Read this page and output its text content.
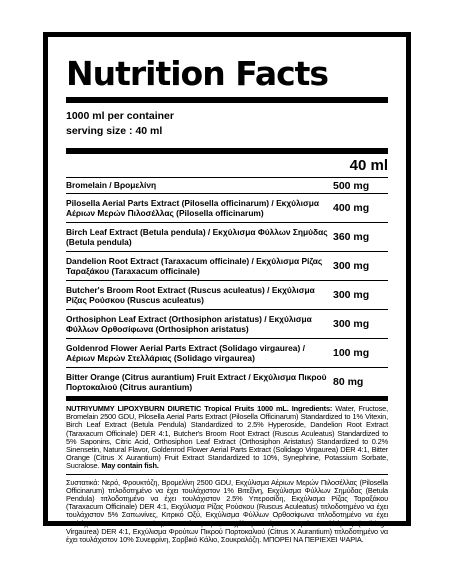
Nutrition Facts
1000 ml per container
serving size : 40 ml
40 ml
Bromelain / Βρομελίνη	500 mg
Pilosella Aerial Parts Extract (Pilosella officinarum) / Εκχύλισμα Αέριων Μερών Πιλοσέλλας (Pilosella officinarum)	400 mg
Birch Leaf Extract (Betula pendula) / Εκχύλισμα Φύλλων Σημύδας (Betula pendula)	360 mg
Dandelion Root Extract (Taraxacum officinale) / Εκχύλισμα Ρίζας Ταραξάκου (Taraxacum officinale)	300 mg
Butcher's Broom Root Extract (Ruscus aculeatus) / Εκχύλισμα Ρίζας Ρούσκου (Ruscus aculeatus)	300 mg
Orthosiphon Leaf Extract (Orthosiphon aristatus) / Εκχύλισμα Φύλλων Ορθοσίφωνα (Orthosiphon aristatus)	300 mg
Goldenrod Flower Aerial Parts Extract (Solidago virgaurea) / Αέριων Μερών Στελλάριας (Solidago virgaurea)	100 mg
Bitter Orange (Citrus aurantium) Fruit Extract / Εκχύλισμα Πικρού Πορτοκαλιού (Citrus aurantium)	80 mg
NUTRIYUMMY LIPOXYBURN DIURETIC Tropical Fruits 1000 mL. Ingredients: Water, Fructose, Bromelain 2500 GDU, Pilosella Aerial Parts Extract (Pilosella Officinarum) Standardized to 1% Vitexin, Birch Leaf Extract (Betula Pendula) Standardized to 2.5% Hyperoside, Dandelion Root Extract (Taraxacum Officinale) DER 4:1, Butcher's Broom Root Extract (Ruscus Aculeatus) Standardized to 5% Saponins, Citric Acid, Orthosiphon Leaf Extract (Orthosiphon Aristatus) Standardized to 0.2% Sinensetin, Natural Flavor, Goldenrod Flower Aerial Parts Extract (Solidago Virgaurea) DER 4:1, Bitter Orange (Citrus X Aurantium) Fruit Extract Standardized to 10%, Synephrine, Potassium Sorbate, Sucralose. May contain fish.
Συστατικά: Νερό, Φρουκτόζη, Βρομελίνη 2500 GDU, Εκχύλισμα Αέριων Μερών Πιλοσέλλας (Pilosella Officinarum) τιτλοδοτημένο να έχει τουλάχιστον 1% Βιτεξίνη, Εκχύλισμα Φύλλων Σημύδας (Betula Pendula) τιτλοδοτημένο να έχει τουλάχιστον 2.5% Υπεροσίδη, Εκχύλισμα Ρίζας Ταραξάκου (Taraxacum Officinale) DER 4:1, Εκχύλισμα Ρίζας Ρούσκου (Ruscus Aculeatus) τιτλοδοτημένο να έχει τουλάχιστον 5% Σαπωνίνες, Κιτρικό Οξύ, Εκχύλισμα Φύλλων Ορθοσίφωνα τιτλοδοτημένο να έχει τουλάχιστον 0.2% Σινεσετίνη, Φυσικό Άρωμα, Εκχύλισμα Αέριων Μερών Στελλάριας (Solidago Virgaurea) DER 4:1, Εκχύλισμα Φρούτων Πικρού Πορτοκαλιού (Citrus X Aurantium) τιτλοδοτημένο να έχει τουλάχιστον 10% Συνεφρίνη, Σορβικό Κάλιο, Σουκραλόζη. ΜΠΟΡΕΙ ΝΑ ΠΕΡΙΕΧΕΙ ΨΑΡΙΑ.
